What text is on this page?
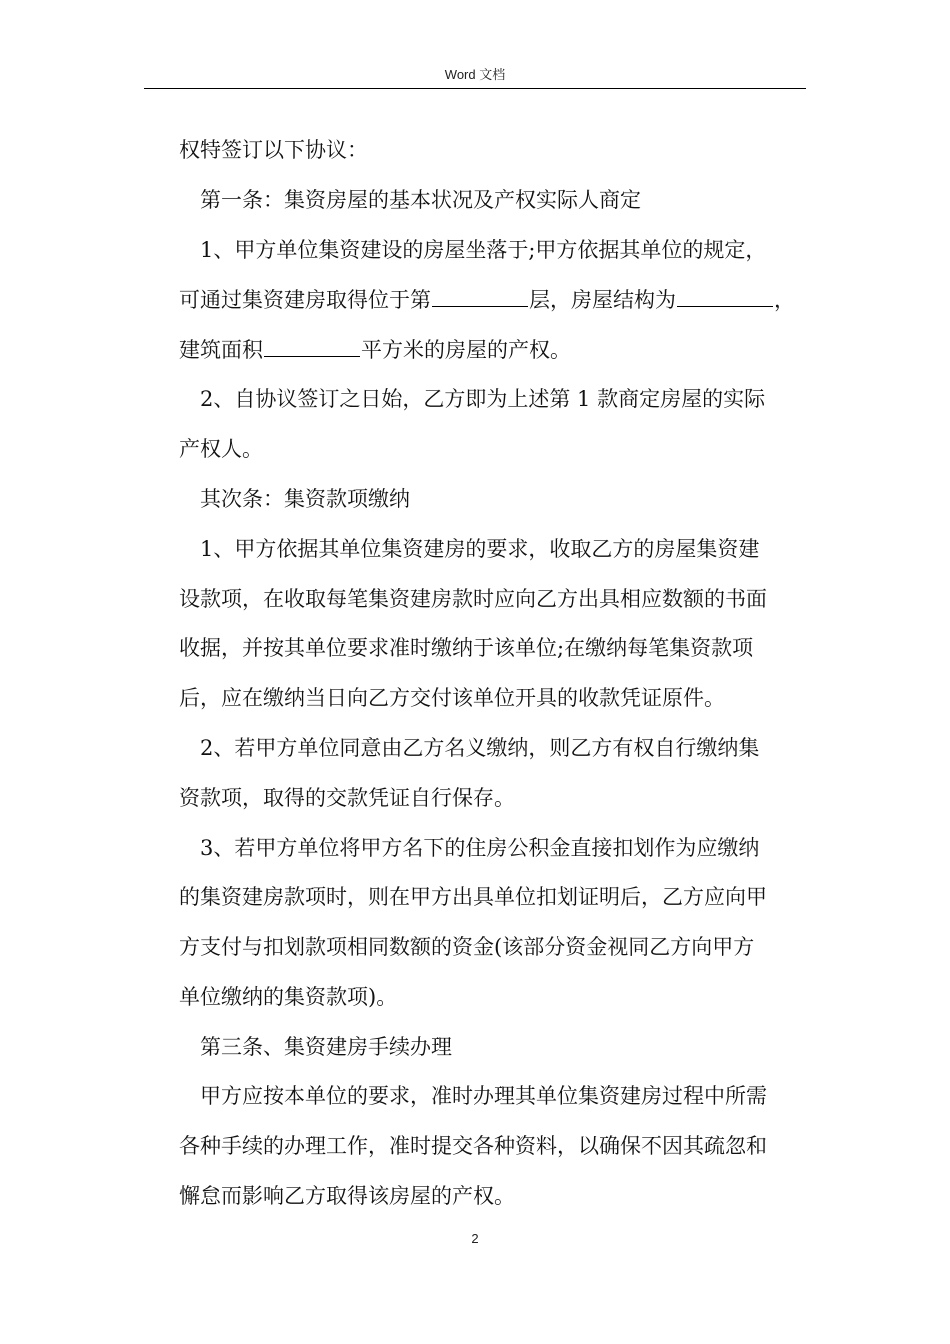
Word 文档
权特签订以下协议：
第一条：集资房屋的基本状况及产权实际人商定
1、甲方单位集资建设的房屋坐落于;甲方依据其单位的规定，
可通过集资建房取得位于第	层，房屋结构为	，
建筑面积	平方米的房屋的产权。
2、自协议签订之日始，乙方即为上述第 1 款商定房屋的实际
产权人。
其次条：集资款项缴纳
1、甲方依据其单位集资建房的要求，收取乙方的房屋集资建
设款项，在收取每笔集资建房款时应向乙方出具相应数额的书面
收据，并按其单位要求准时缴纳于该单位;在缴纳每笔集资款项
后，应在缴纳当日向乙方交付该单位开具的收款凭证原件。
2、若甲方单位同意由乙方名义缴纳，则乙方有权自行缴纳集
资款项，取得的交款凭证自行保存。
3、若甲方单位将甲方名下的住房公积金直接扣划作为应缴纳
的集资建房款项时，则在甲方出具单位扣划证明后，乙方应向甲
方支付与扣划款项相同数额的资金(该部分资金视同乙方向甲方
单位缴纳的集资款项)。
第三条、集资建房手续办理
甲方应按本单位的要求，准时办理其单位集资建房过程中所需
各种手续的办理工作，准时提交各种资料，以确保不因其疏忽和
懈怠而影响乙方取得该房屋的产权。
2
